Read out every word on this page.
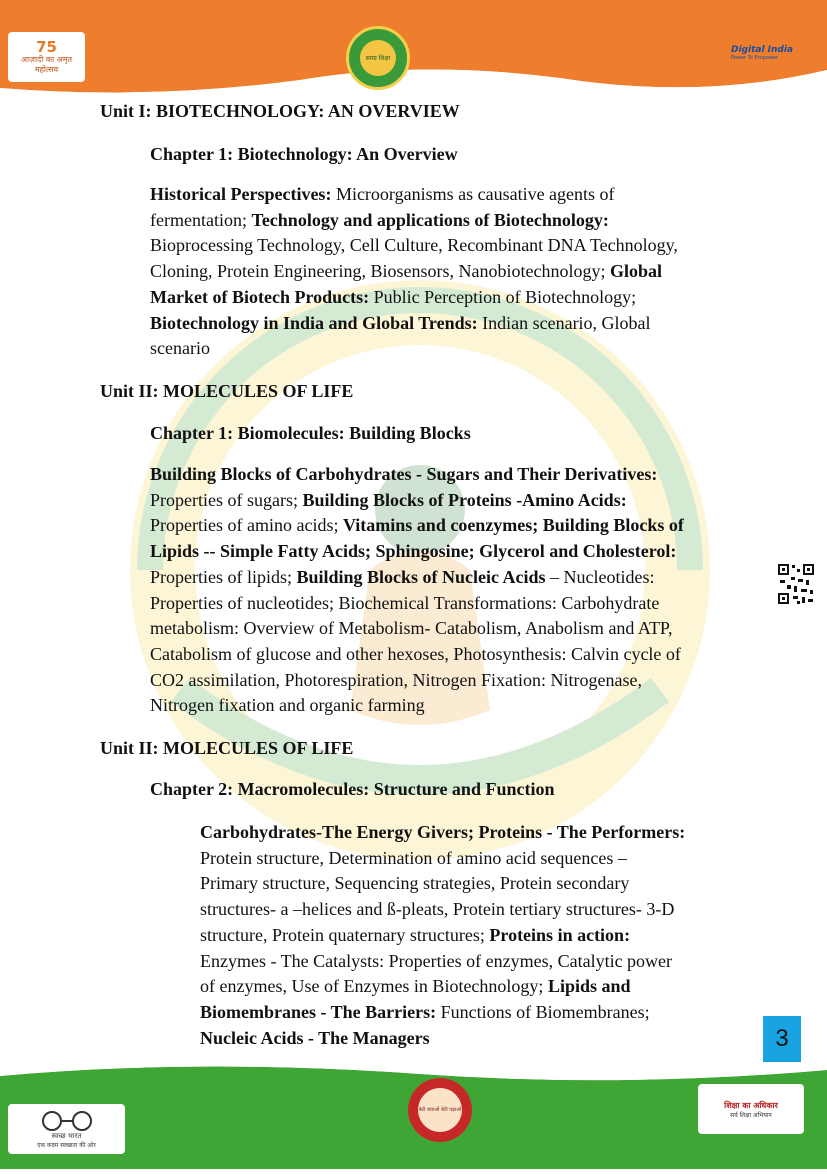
75
आज़ादी का अमृत महोत्सव
समग्र शिक्षा
Digital India
Power To Empower
Unit I: BIOTECHNOLOGY: AN OVERVIEW
Chapter 1: Biotechnology: An Overview
Historical Perspectives: Microorganisms as causative agents of
fermentation; Technology and applications of Biotechnology:
Bioprocessing Technology, Cell Culture, Recombinant DNA Technology,
Cloning, Protein Engineering, Biosensors, Nanobiotechnology; Global
Market of Biotech Products: Public Perception of Biotechnology;
Biotechnology in India and Global Trends: Indian scenario, Global
scenario
Unit II: MOLECULES OF LIFE
Chapter 1: Biomolecules: Building Blocks
Building Blocks of Carbohydrates - Sugars and Their Derivatives:
Properties of sugars; Building Blocks of Proteins -Amino Acids:
Properties of amino acids; Vitamins and coenzymes; Building Blocks of
Lipids -- Simple Fatty Acids; Sphingosine; Glycerol and Cholesterol:
Properties of lipids; Building Blocks of Nucleic Acids – Nucleotides:
Properties of nucleotides; Biochemical Transformations: Carbohydrate
metabolism: Overview of Metabolism- Catabolism, Anabolism and ATP,
Catabolism of glucose and other hexoses, Photosynthesis: Calvin cycle of
CO2 assimilation, Photorespiration, Nitrogen Fixation: Nitrogenase,
Nitrogen fixation and organic farming
Unit II: MOLECULES OF LIFE
Chapter 2: Macromolecules: Structure and Function
Carbohydrates-The Energy Givers; Proteins - The Performers:
Protein structure, Determination of amino acid sequences –
Primary structure, Sequencing strategies, Protein secondary
structures- a –helices and ß-pleats, Protein tertiary structures- 3-D
structure, Protein quaternary structures; Proteins in action:
Enzymes - The Catalysts: Properties of enzymes, Catalytic power
of enzymes, Use of Enzymes in Biotechnology; Lipids and
Biomembranes - The Barriers: Functions of Biomembranes;
Nucleic Acids - The Managers	3
स्वच्छ भारत
एक कदम स्वच्छता की ओर
बेटी बचाओ बेटी पढ़ाओ
शिक्षा का अधिकार
सर्व शिक्षा अभियान
